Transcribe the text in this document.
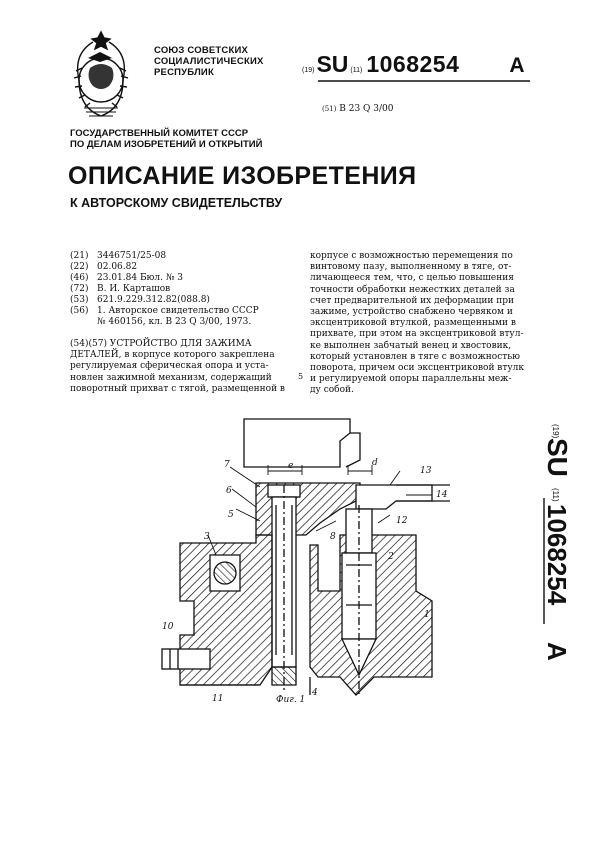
СОЮЗ СОВЕТСКИХ
СОЦИАЛИСТИЧЕСКИХ
РЕСПУБЛИК	(19) SU (11) 1068254 A
(51) B 23 Q 3/00
ГОСУДАРСТВЕННЫЙ КОМИТЕТ СССР
ПО ДЕЛАМ ИЗОБРЕТЕНИЙ И ОТКРЫТИЙ
ОПИСАНИЕ ИЗОБРЕТЕНИЯ
К АВТОРСКОМУ СВИДЕТЕЛЬСТВУ
(21) 3446751/25-08
(22) 02.06.82
(46) 23.01.84 Бюл. № 3
(72) В. И. Карташов
(53) 621.9.229.312.82(088.8)
(56) 1. Авторское свидетельство СССР
№ 460156, кл. В 23 Q 3/00, 1973.
(54)(57) УСТРОЙСТВО ДЛЯ ЗАЖИМА
ДЕТАЛЕЙ, в корпусе которого закреплена
регулируемая сферическая опора и уста-
новлен зажимной механизм, содержащий
поворотный прихват с тягой, размещенной в
корпусе с возможностью перемещения по
винтовому пазу, выполненному в тяге, от-
личающееся тем, что, с целью повышения
точности обработки нежестких деталей за
счет предварительной их деформации при
зажиме, устройство снабжено червяком и
эксцентриковой втулкой, размещенными в
прихвате, при этом на эксцентриковой втул-
ке выполнен забчатый венец и хвостовик,
который установлен в тяге с возможностью
поворота, причем оси эксцентриковой втулк
и регулируемой опоры параллельны меж-
ду собой.
5
(19)
SU
(11)
1068254
A
7	e	d
13
6	14
5
12
8
3
2
1
10
11
4
Фиг. 1
